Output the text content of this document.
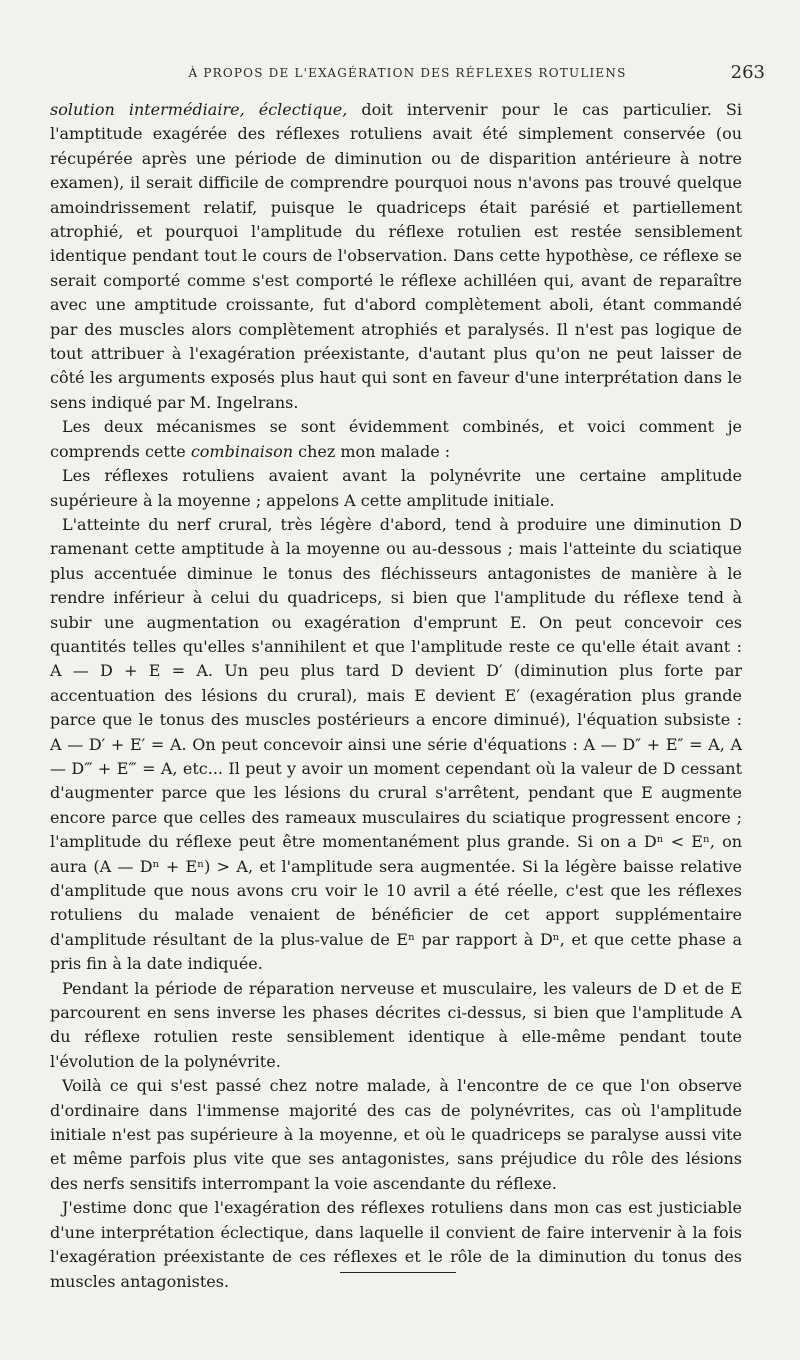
À PROPOS DE L'EXAGÉRATION DES RÉFLEXES ROTULIENS	263

solution intermédiaire, éclectique, doit intervenir pour le cas particulier. Si l'amptitude exagérée des réflexes rotuliens avait été simplement conservée (ou récupérée après une période de diminution ou de disparition antérieure à notre examen), il serait difficile de comprendre pourquoi nous n'avons pas trouvé quelque amoindrissement relatif, puisque le quadriceps était parésié et partiellement atrophié, et pourquoi l'amplitude du réflexe rotulien est restée sensiblement identique pendant tout le cours de l'observation. Dans cette hypothèse, ce réflexe se serait comporté comme s'est comporté le réflexe achilléen qui, avant de reparaître avec une amptitude croissante, fut d'abord complètement aboli, étant commandé par des muscles alors complètement atrophiés et paralysés. Il n'est pas logique de tout attribuer à l'exagération préexistante, d'autant plus qu'on ne peut laisser de côté les arguments exposés plus haut qui sont en faveur d'une interprétation dans le sens indiqué par M. Ingelrans.

Les deux mécanismes se sont évidemment combinés, et voici comment je comprends cette combinaison chez mon malade :

Les réflexes rotuliens avaient avant la polynévrite une certaine amplitude supérieure à la moyenne ; appelons A cette amplitude initiale.

L'atteinte du nerf crural, très légère d'abord, tend à produire une diminution D ramenant cette amptitude à la moyenne ou au-dessous ; mais l'atteinte du sciatique plus accentuée diminue le tonus des fléchisseurs antagonistes de manière à le rendre inférieur à celui du quadriceps, si bien que l'amplitude du réflexe tend à subir une augmentation ou exagération d'emprunt E. On peut concevoir ces quantités telles qu'elles s'annihilent et que l'amplitude reste ce qu'elle était avant : A — D + E = A. Un peu plus tard D devient D′ (diminution plus forte par accentuation des lésions du crural), mais E devient E′ (exagération plus grande parce que le tonus des muscles postérieurs a encore diminué), l'équation subsiste : A — D′ + E′ = A. On peut concevoir ainsi une série d'équations : A — D″ + E″ = A, A — D‴ + E‴ = A, etc... Il peut y avoir un moment cependant où la valeur de D cessant d'augmenter parce que les lésions du crural s'arrêtent, pendant que E augmente encore parce que celles des rameaux musculaires du sciatique progressent encore ; l'amplitude du réflexe peut être momentanément plus grande. Si on a Dⁿ < Eⁿ, on aura (A — Dⁿ + Eⁿ) > A, et l'amplitude sera augmentée. Si la légère baisse relative d'amplitude que nous avons cru voir le 10 avril a été réelle, c'est que les réflexes rotuliens du malade venaient de bénéficier de cet apport supplémentaire d'amplitude résultant de la plus-value de Eⁿ par rapport à Dⁿ, et que cette phase a pris fin à la date indiquée.

Pendant la période de réparation nerveuse et musculaire, les valeurs de D et de E parcourent en sens inverse les phases décrites ci-dessus, si bien que l'amplitude A du réflexe rotulien reste sensiblement identique à elle-même pendant toute l'évolution de la polynévrite.

Voilà ce qui s'est passé chez notre malade, à l'encontre de ce que l'on observe d'ordinaire dans l'immense majorité des cas de polynévrites, cas où l'amplitude initiale n'est pas supérieure à la moyenne, et où le quadriceps se paralyse aussi vite et même parfois plus vite que ses antagonistes, sans préjudice du rôle des lésions des nerfs sensitifs interrompant la voie ascendante du réflexe.

J'estime donc que l'exagération des réflexes rotuliens dans mon cas est justiciable d'une interprétation éclectique, dans laquelle il convient de faire intervenir à la fois l'exagération préexistante de ces réflexes et le rôle de la diminution du tonus des muscles antagonistes.
